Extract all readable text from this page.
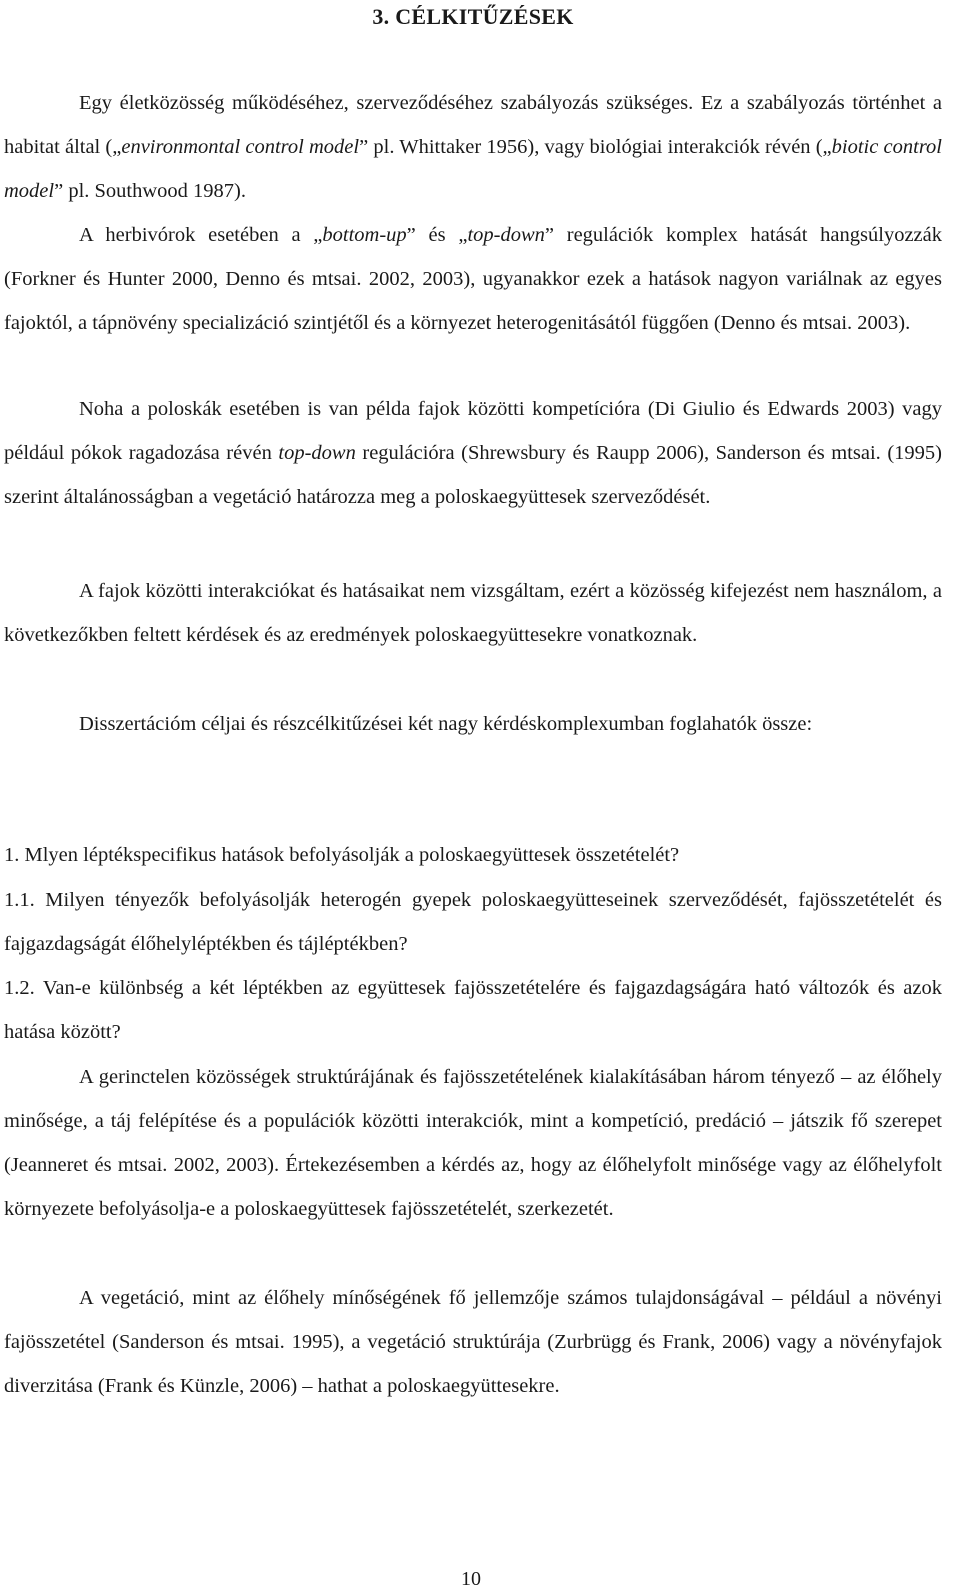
3. CÉLKITŰZÉSEK

Egy életközösség működéséhez, szerveződéséhez szabályozás szükséges. Ez a szabályozás történhet a habitat által („environmontal control model” pl. Whittaker 1956), vagy biológiai interakciók révén („biotic control model” pl. Southwood 1987).

A herbivórok esetében a „bottom-up” és „top-down” regulációk komplex hatását hangsúlyozzák (Forkner és Hunter 2000, Denno és mtsai. 2002, 2003), ugyanakkor ezek a hatások nagyon variálnak az egyes fajoktól, a tápnövény specializáció szintjétől és a környezet heterogenitásától függően (Denno és mtsai. 2003).

Noha a poloskák esetében is van példa fajok közötti kompetícióra (Di Giulio és Edwards 2003) vagy például pókok ragadozása révén top-down regulációra (Shrewsbury és Raupp 2006), Sanderson és mtsai. (1995) szerint általánosságban a vegetáció határozza meg a poloskaegyüttesek szerveződését.

A fajok közötti interakciókat és hatásaikat nem vizsgáltam, ezért a közösség kifejezést nem használom, a következőkben feltett kérdések és az eredmények poloskaegyüttesekre vonatkoznak.

Disszertációm céljai és részcélkitűzései két nagy kérdéskomplexumban foglahatók össze:

1. Mlyen léptékspecifikus hatások befolyásolják a poloskaegyüttesek összetételét?

1.1. Milyen tényezők befolyásolják heterogén gyepek poloskaegyütteseinek szerveződését, fajösszetételét és fajgazdagságát élőhelyléptékben és tájléptékben?

1.2. Van-e különbség a két léptékben az együttesek fajösszetételére és fajgazdagságára ható változók és azok hatása között?

A gerinctelen közösségek struktúrájának és fajösszetételének kialakításában három tényező – az élőhely minősége, a táj felépítése és a populációk közötti interakciók, mint a kompetíció, predáció – játszik fő szerepet (Jeanneret és mtsai. 2002, 2003). Értekezésemben a kérdés az, hogy az élőhelyfolt minősége vagy az élőhelyfolt környezete befolyásolja-e a poloskaegyüttesek fajösszetételét, szerkezetét.

A vegetáció, mint az élőhely mínőségének fő jellemzője számos tulajdonságával – például a növényi fajösszetétel (Sanderson és mtsai. 1995), a vegetáció struktúrája (Zurbrügg és Frank, 2006) vagy a növényfajok diverzitása (Frank és Künzle, 2006) – hathat a poloskaegyüttesekre.

10
